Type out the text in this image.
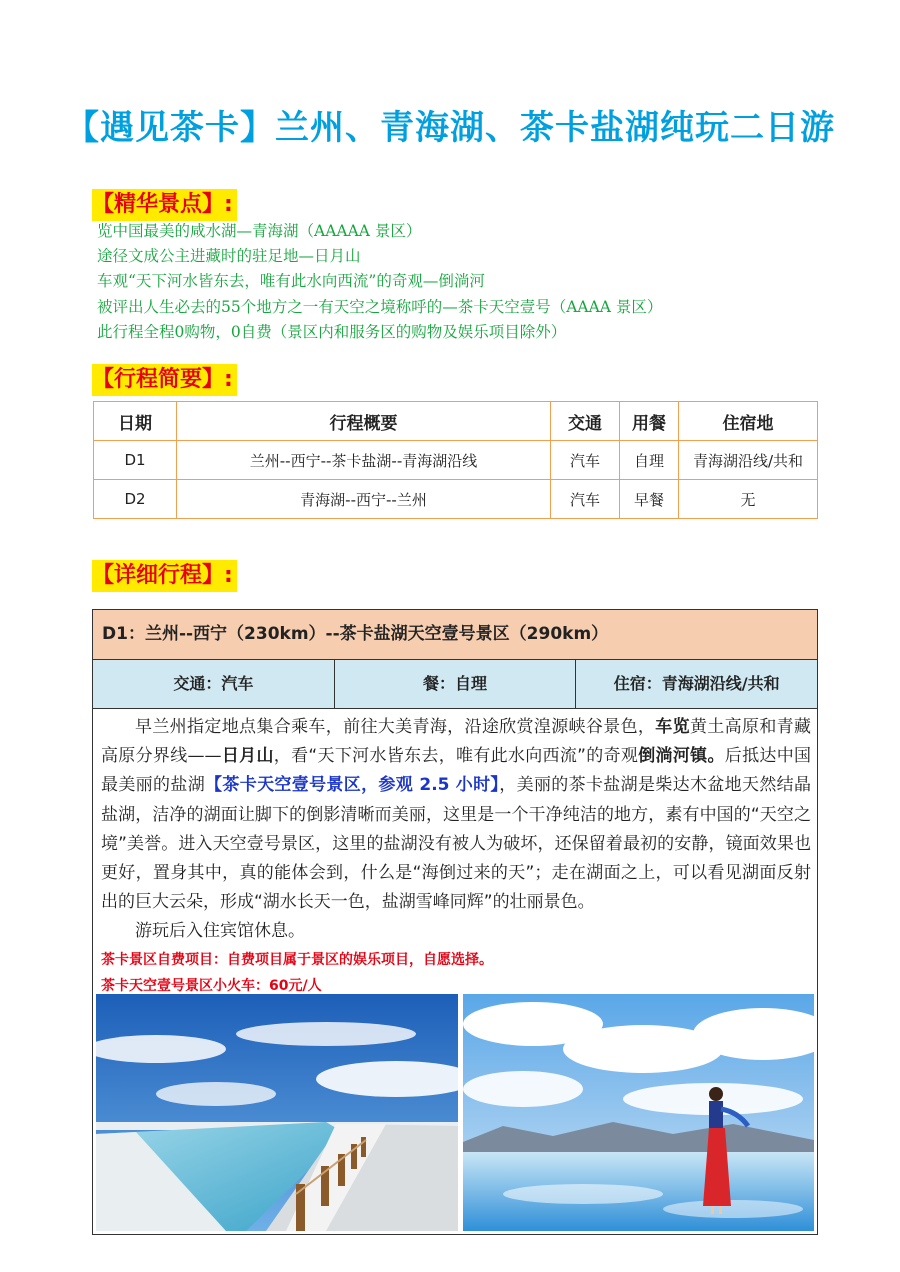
【遇见茶卡】兰州、青海湖、茶卡盐湖纯玩二日游
【精华景点】:
览中国最美的咸水湖—青海湖（AAAAA 景区）
途径文成公主进藏时的驻足地—日月山
车观“天下河水皆东去，唯有此水向西流”的奇观—倒淌河
被评出人生必去的55个地方之一有天空之境称呼的—茶卡天空壹号（AAAA 景区）
此行程全程0购物，0自费（景区内和服务区的购物及娱乐项目除外）
【行程简要】:
日期	行程概要	交通	用餐	住宿地
D1	兰州--西宁--茶卡盐湖--青海湖沿线	汽车	自理	青海湖沿线/共和
D2	青海湖--西宁--兰州	汽车	早餐	无
【详细行程】:
D1：兰州--西宁（230km）--茶卡盐湖天空壹号景区（290km）
交通：汽车	餐：自理	住宿：青海湖沿线/共和

早兰州指定地点集合乘车，前往大美青海，沿途欣赏湟源峡谷景色，车览黄土高原和青藏高原分界线——日月山，看“天下河水皆东去，唯有此水向西流”的奇观倒淌河镇。后抵达中国最美丽的盐湖【茶卡天空壹号景区，参观 2.5 小时】，美丽的茶卡盐湖是柴达木盆地天然结晶盐湖，洁净的湖面让脚下的倒影清晰而美丽，这里是一个干净纯洁的地方，素有中国的“天空之境”美誉。进入天空壹号景区，这里的盐湖没有被人为破坏，还保留着最初的安静，镜面效果也更好，置身其中，真的能体会到，什么是“海倒过来的天”；走在湖面之上，可以看见湖面反射出的巨大云朵，形成“湖水长天一色，盐湖雪峰同辉”的壮丽景色。

游玩后入住宾馆休息。

茶卡景区自费项目：自费项目属于景区的娱乐项目，自愿选择。
茶卡天空壹号景区小火车：60元/人
